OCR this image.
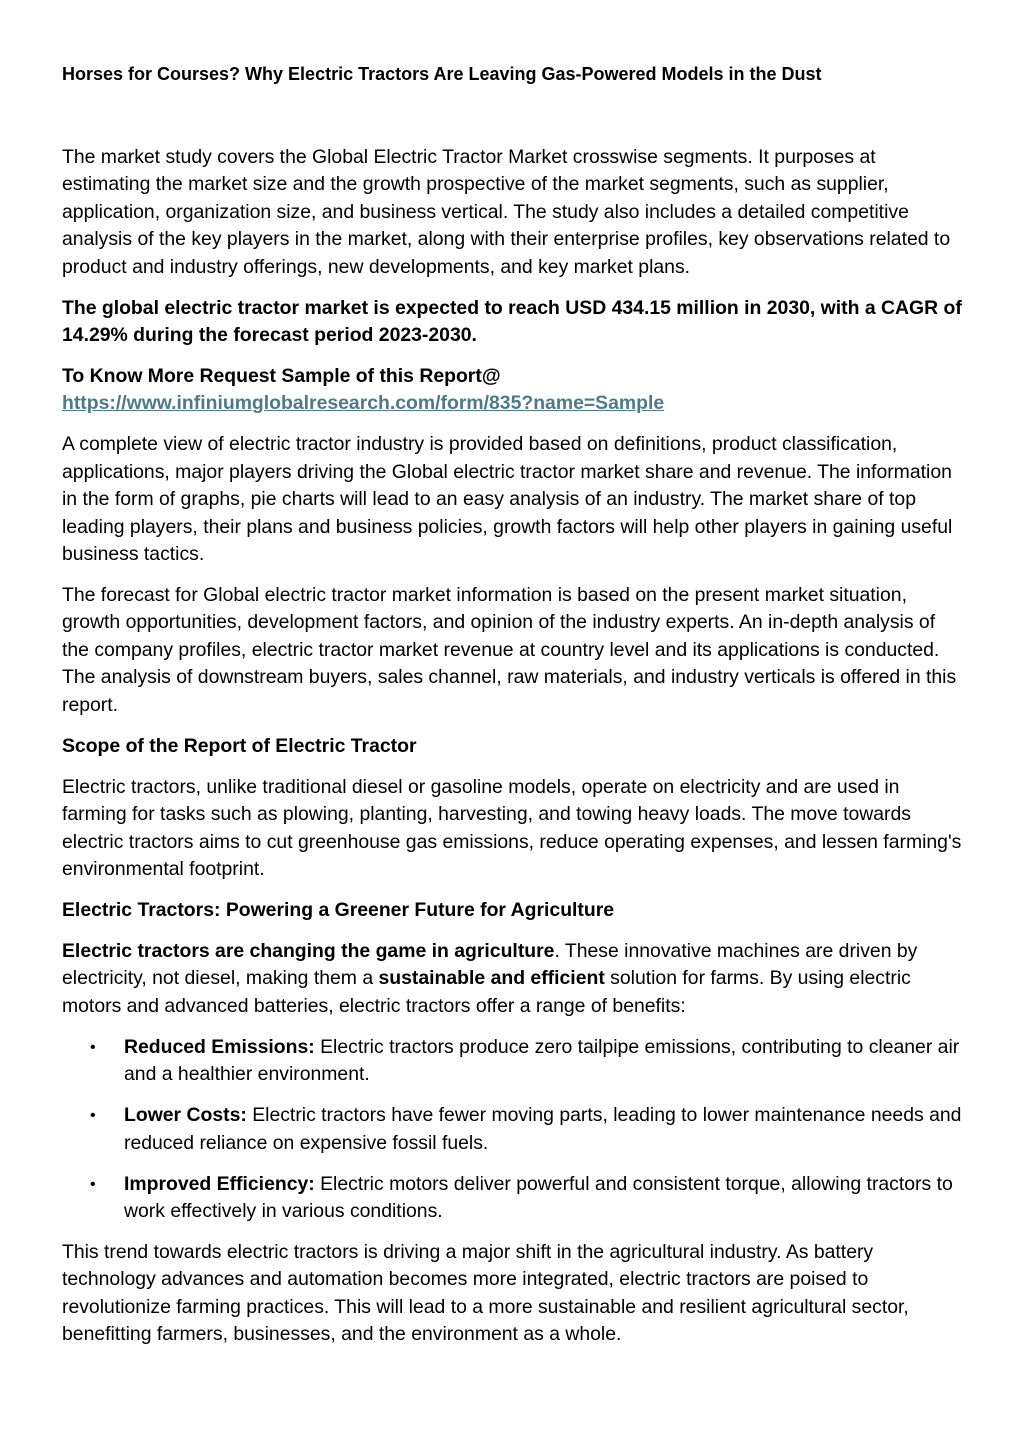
Horses for Courses? Why Electric Tractors Are Leaving Gas-Powered Models in the Dust

The market study covers the Global Electric Tractor Market crosswise segments. It purposes at estimating the market size and the growth prospective of the market segments, such as supplier, application, organization size, and business vertical. The study also includes a detailed competitive analysis of the key players in the market, along with their enterprise profiles, key observations related to product and industry offerings, new developments, and key market plans.

The global electric tractor market is expected to reach USD 434.15 million in 2030, with a CAGR of 14.29% during the forecast period 2023-2030.

To Know More Request Sample of this Report@
https://www.infiniumglobalresearch.com/form/835?name=Sample

A complete view of electric tractor industry is provided based on definitions, product classification, applications, major players driving the Global electric tractor market share and revenue. The information in the form of graphs, pie charts will lead to an easy analysis of an industry. The market share of top leading players, their plans and business policies, growth factors will help other players in gaining useful business tactics.

The forecast for Global electric tractor market information is based on the present market situation, growth opportunities, development factors, and opinion of the industry experts. An in-depth analysis of the company profiles, electric tractor market revenue at country level and its applications is conducted. The analysis of downstream buyers, sales channel, raw materials, and industry verticals is offered in this report.

Scope of the Report of Electric Tractor

Electric tractors, unlike traditional diesel or gasoline models, operate on electricity and are used in farming for tasks such as plowing, planting, harvesting, and towing heavy loads. The move towards electric tractors aims to cut greenhouse gas emissions, reduce operating expenses, and lessen farming's environmental footprint.

Electric Tractors: Powering a Greener Future for Agriculture

Electric tractors are changing the game in agriculture. These innovative machines are driven by electricity, not diesel, making them a sustainable and efficient solution for farms. By using electric motors and advanced batteries, electric tractors offer a range of benefits:

• Reduced Emissions: Electric tractors produce zero tailpipe emissions, contributing to cleaner air and a healthier environment.
• Lower Costs: Electric tractors have fewer moving parts, leading to lower maintenance needs and reduced reliance on expensive fossil fuels.
• Improved Efficiency: Electric motors deliver powerful and consistent torque, allowing tractors to work effectively in various conditions.

This trend towards electric tractors is driving a major shift in the agricultural industry. As battery technology advances and automation becomes more integrated, electric tractors are poised to revolutionize farming practices. This will lead to a more sustainable and resilient agricultural sector, benefitting farmers, businesses, and the environment as a whole.
